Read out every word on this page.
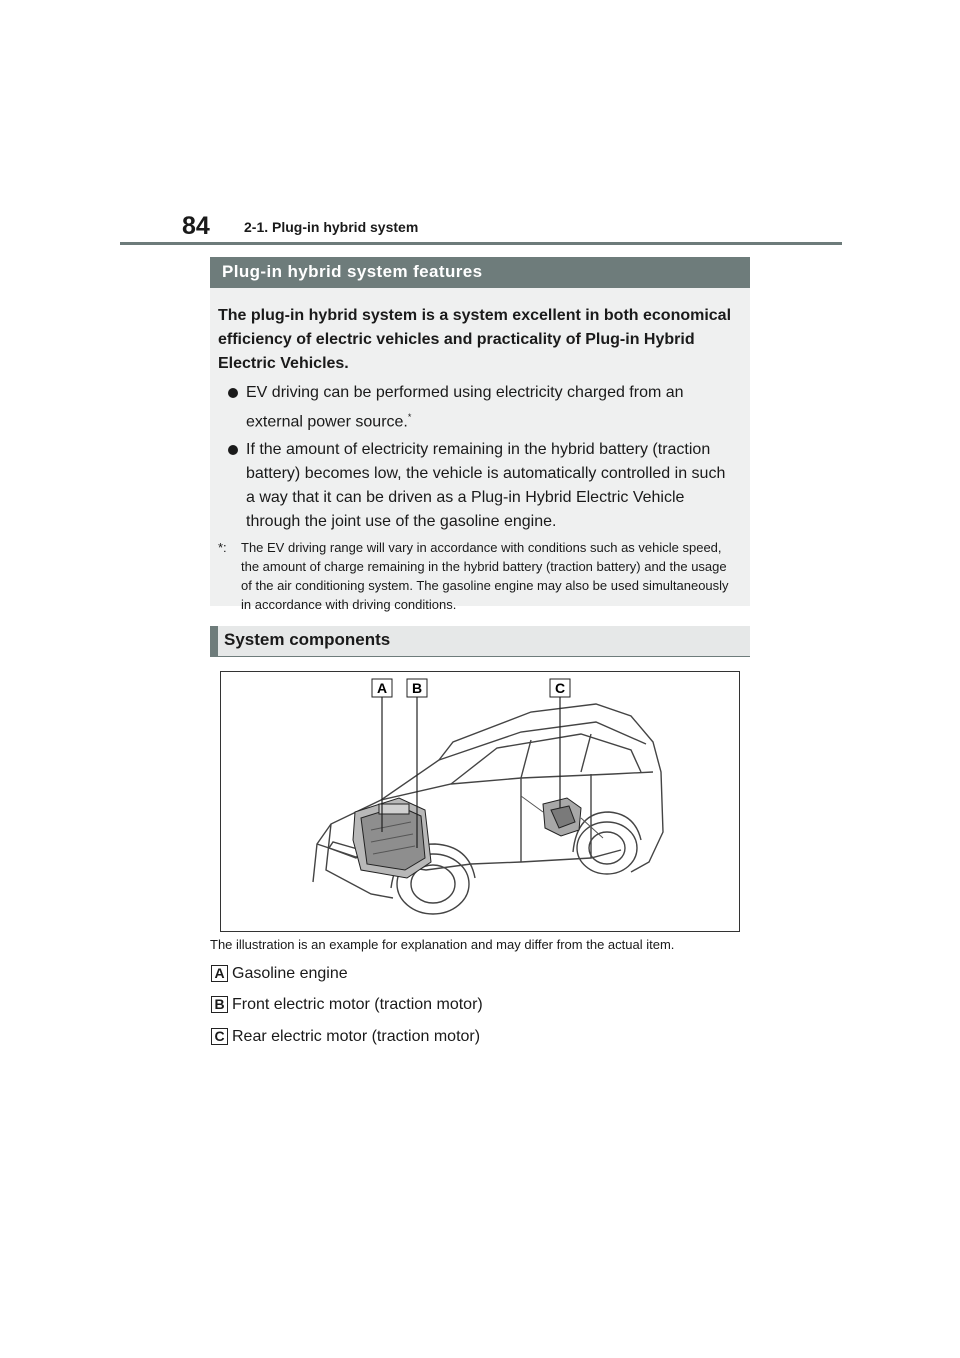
84 2-1. Plug-in hybrid system
Plug-in hybrid system features

The plug-in hybrid system is a system excellent in both economical efficiency of electric vehicles and practicality of Plug-in Hybrid Electric Vehicles.

EV driving can be performed using electricity charged from an external power source.*
If the amount of electricity remaining in the hybrid battery (traction battery) becomes low, the vehicle is automatically controlled in such a way that it can be driven as a Plug-in Hybrid Electric Vehicle through the joint use of the gasoline engine.
*: The EV driving range will vary in accordance with conditions such as vehicle speed, the amount of charge remaining in the hybrid battery (traction battery) and the usage of the air conditioning system. The gasoline engine may also be used simultaneously in accordance with driving conditions.
System components
A B	C
The illustration is an example for explanation and may differ from the actual item.
A Gasoline engine
B Front electric motor (traction motor)
C Rear electric motor (traction motor)
